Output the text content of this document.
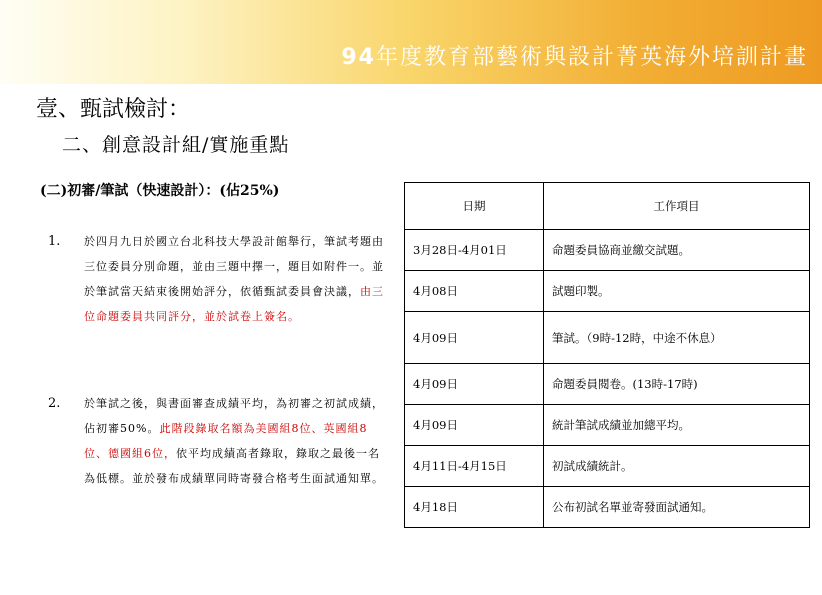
94年度教育部藝術與設計菁英海外培訓計畫
壹、甄試檢討：
二、創意設計組/實施重點
(二)初審/筆試（快速設計）：(佔25%)
1. 於四月九日於國立台北科技大學設計館舉行，筆試考題由三位委員分別命題，並由三題中擇一，題目如附件一。並於筆試當天結束後開始評分，依循甄試委員會決議，由三位命題委員共同評分，並於試卷上簽名。
2. 於筆試之後，與書面審查成績平均，為初審之初試成績，佔初審50%。此階段錄取名額為美國組8位、英國組8位、德國組6位，依平均成績高者錄取，錄取之最後一名為低標。並於發布成績單同時寄發合格考生面試通知單。
日期	工作項目
3月28日-4月01日	命題委員協商並繳交試題。
4月08日	試題印製。
4月09日	筆試。（9時-12時，中途不休息）
4月09日	命題委員閱卷。(13時-17時)
4月09日	統計筆試成績並加總平均。
4月11日-4月15日	初試成績統計。
4月18日	公布初試名單並寄發面試通知。
